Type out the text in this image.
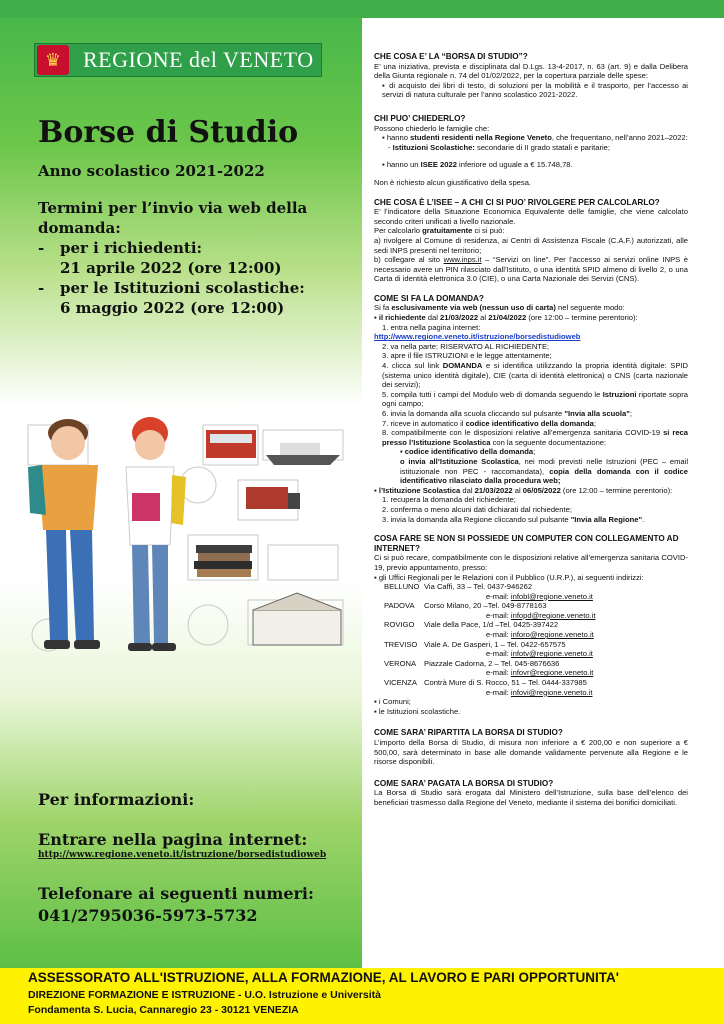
♛ REGIONE del VENETO
Borse di Studio
Anno scolastico 2021-2022
Termini per l’invio via web della domanda:
-	per i richiedenti:
21 aprile 2022 (ore 12:00)
-	per le Istituzioni scolastiche:
6 maggio 2022 (ore 12:00)
Per informazioni:
Entrare nella pagina internet:
http://www.regione.veneto.it/istruzione/borsedistudioweb
Telefonare ai seguenti numeri:
041/2795036-5973-5732

CHE COSA E’ LA “BORSA DI STUDIO”?

E’ una iniziativa, prevista e disciplinata dal D.Lgs. 13-4-2017, n. 63 (art. 9) e dalla Delibera della Giunta regionale n. 74 del 01/02/2022, per la copertura parziale delle spese:

▪ di acquisto dei libri di testo, di soluzioni per la mobilità e il trasporto, per l’accesso ai servizi di natura culturale per l’anno scolastico 2021-2022.

CHI PUO’ CHIEDERLO?

Possono chiederlo le famiglie che:

▪ hanno studenti residenti nella Regione Veneto, che frequentano, nell’anno 2021–2022:

- Istituzioni Scolastiche: secondarie di II grado statali e paritarie;

▪ hanno un ISEE 2022 inferiore od uguale a € 15.748,78.

Non è richiesto alcun giustificativo della spesa.

CHE COSA È L’ISEE – A CHI CI SI PUO’ RIVOLGERE PER CALCOLARLO?

E’ l’indicatore della Situazione Economica Equivalente delle famiglie, che viene calcolato secondo criteri unificati a livello nazionale.

Per calcolarlo gratuitamente ci si può:

a) rivolgere al Comune di residenza, ai Centri di Assistenza Fiscale (C.A.F.) autorizzati, alle sedi INPS presenti nel territorio;

b) collegare al sito www.inps.it – “Servizi on line”. Per l’accesso ai servizi online INPS è necessario avere un PIN rilasciato dall’Istituto, o una identità SPID almeno di livello 2, o una Carta di identità elettronica 3.0 (CIE), o una Carta Nazionale dei Servizi (CNS).

COME SI FA LA DOMANDA?

Si fa esclusivamente via web (nessun uso di carta) nel seguente modo:

▪ il richiedente dal 21/03/2022 al 21/04/2022 (ore 12:00 – termine perentorio):

1. entra nella pagina internet:

http://www.regione.veneto.it/istruzione/borsedistudioweb

2. va nella parte: RISERVATO AL RICHIEDENTE;

3. apre il file ISTRUZIONI e le legge attentamente;

4. clicca sul link DOMANDA e si identifica utilizzando la propria identità digitale: SPID (sistema unico identità digitale), CIE (carta di identità elettronica) o CNS (carta nazionale dei servizi);

5. compila tutti i campi del Modulo web di domanda seguendo le Istruzioni riportate sopra ogni campo;

6. invia la domanda alla scuola cliccando sul pulsante "Invia alla scuola";

7. riceve in automatico il codice identificativo della domanda;

8. compatibilmente con le disposizioni relative all’emergenza sanitaria COVID-19 si reca presso l’Istituzione Scolastica con la seguente documentazione:

▪ codice identificativo della domanda;

o invia all’Istituzione Scolastica, nei modi previsti nelle Istruzioni (PEC – email istituzionale non PEC - raccomandata), copia della domanda con il codice identificativo rilasciato dalla procedura web;

▪ l’Istituzione Scolastica dal 21/03/2022 al 06/05/2022 (ore 12:00 – termine perentorio):

1. recupera la domanda del richiedente;

2. conferma o meno alcuni dati dichiarati dal richiedente;

3. invia la domanda alla Regione cliccando sul pulsante "Invia alla Regione".

COSA FARE SE NON SI POSSIEDE UN COMPUTER CON COLLEGAMENTO AD INTERNET?

Ci si può recare, compatibilmente con le disposizioni relative all’emergenza sanitaria COVID-19, previo appuntamento, presso:

▪ gli Uffici Regionali per le Relazioni con il Pubblico (U.R.P.), ai seguenti indirizzi:

BELLUNO Via Caffi, 33 – Tel. 0437-946262
e-mail: infobl@regione.veneto.it
PADOVA	Corso Milano, 20 –Tel. 049-8778163
e-mail: infopd@regione.veneto.it
ROVIGO	Viale della Pace, 1/d –Tel. 0425-397422
e-mail: inforo@regione.veneto.it
TREVISO Viale A. De Gasperi, 1 – Tel. 0422-657575
e-mail: infotv@regione.veneto.it
VERONA	Piazzale Cadorna, 2 – Tel. 045-8676636
e-mail: infovr@regione.veneto.it
VICENZA Contrà Mure di S. Rocco, 51 – Tel. 0444-337985
e-mail: infovi@regione.veneto.it

▪ i Comuni;

▪ le Istituzioni scolastiche.

COME SARA’ RIPARTITA LA BORSA DI STUDIO?

L’importo della Borsa di Studio, di misura non inferiore a € 200,00 e non superiore a € 500,00, sarà determinato in base alle domande validamente pervenute alla Regione e le risorse disponibili.

COME SARA’ PAGATA LA BORSA DI STUDIO?

La Borsa di Studio sarà erogata dal Ministero dell’Istruzione, sulla base dell’elenco dei beneficiari trasmesso dalla Regione del Veneto, mediante il sistema dei bonifici domiciliati.

ASSESSORATO ALL'ISTRUZIONE, ALLA FORMAZIONE, AL LAVORO E PARI OPPORTUNITA'
DIREZIONE FORMAZIONE E ISTRUZIONE - U.O. Istruzione e Università
Fondamenta S. Lucia, Cannaregio 23 - 30121 VENEZIA
